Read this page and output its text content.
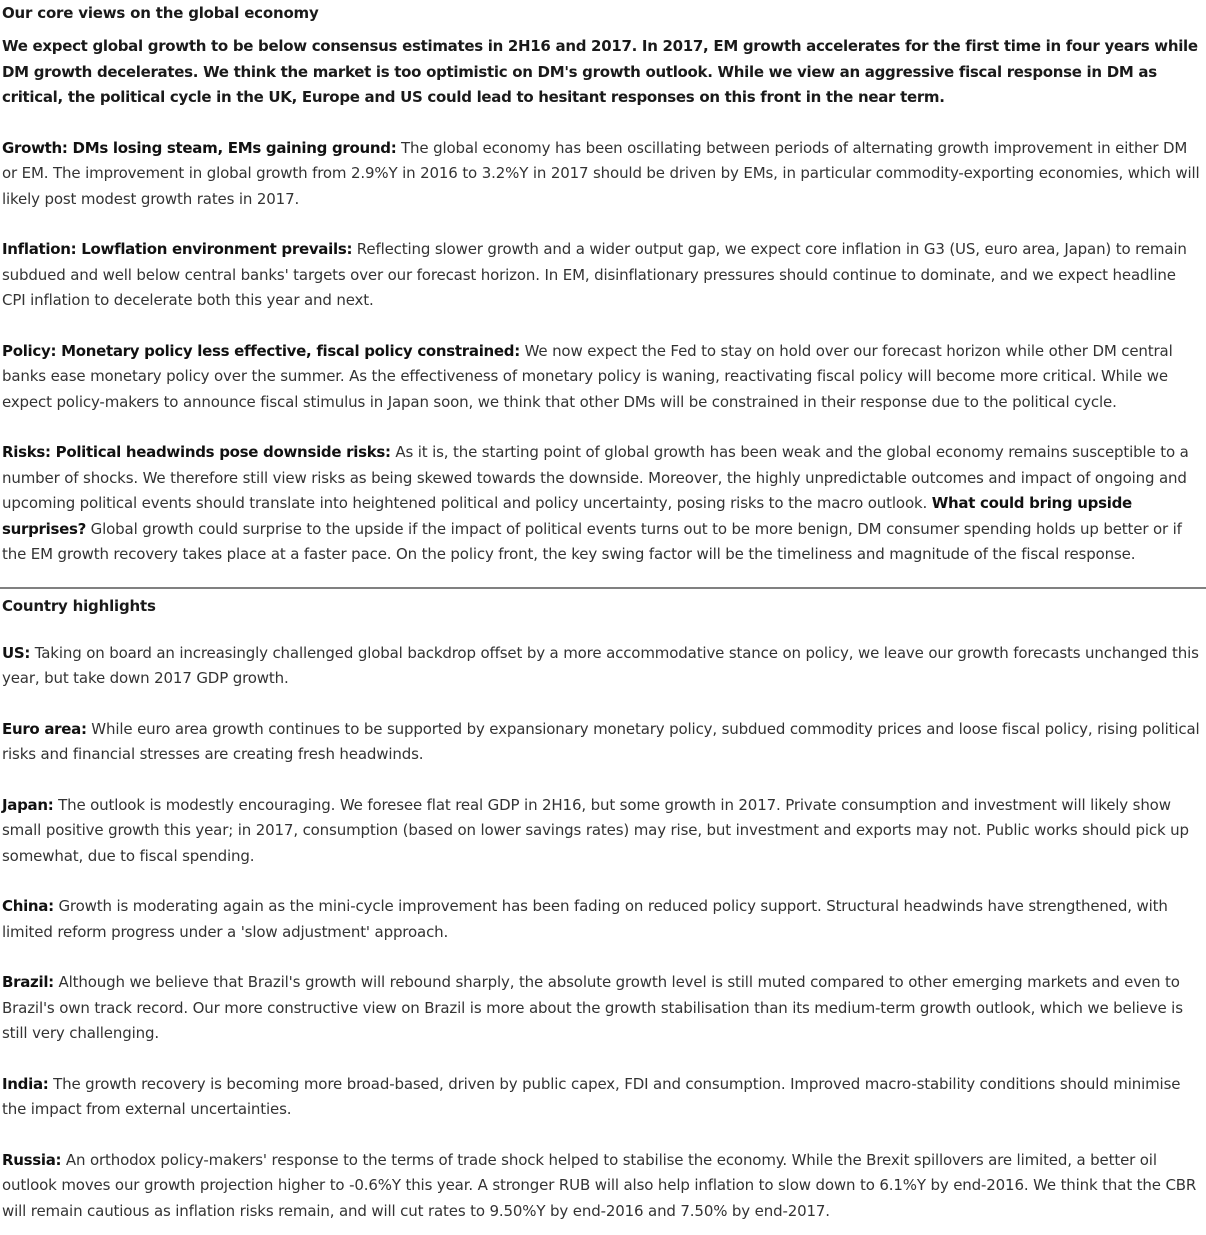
Our core views on the global economy

We expect global growth to be below consensus estimates in 2H16 and 2017. In 2017, EM growth accelerates for the first time in four years while DM growth decelerates. We think the market is too optimistic on DM's growth outlook. While we view an aggressive fiscal response in DM as critical, the political cycle in the UK, Europe and US could lead to hesitant responses on this front in the near term.

Growth: DMs losing steam, EMs gaining ground: The global economy has been oscillating between periods of alternating growth improvement in either DM or EM. The improvement in global growth from 2.9%Y in 2016 to 3.2%Y in 2017 should be driven by EMs, in particular commodity-exporting economies, which will likely post modest growth rates in 2017.

Inflation: Lowflation environment prevails: Reflecting slower growth and a wider output gap, we expect core inflation in G3 (US, euro area, Japan) to remain subdued and well below central banks' targets over our forecast horizon. In EM, disinflationary pressures should continue to dominate, and we expect headline CPI inflation to decelerate both this year and next.

Policy: Monetary policy less effective, fiscal policy constrained: We now expect the Fed to stay on hold over our forecast horizon while other DM central banks ease monetary policy over the summer. As the effectiveness of monetary policy is waning, reactivating fiscal policy will become more critical. While we expect policy-makers to announce fiscal stimulus in Japan soon, we think that other DMs will be constrained in their response due to the political cycle.

Risks: Political headwinds pose downside risks: As it is, the starting point of global growth has been weak and the global economy remains susceptible to a number of shocks. We therefore still view risks as being skewed towards the downside. Moreover, the highly unpredictable outcomes and impact of ongoing and upcoming political events should translate into heightened political and policy uncertainty, posing risks to the macro outlook. What could bring upside surprises? Global growth could surprise to the upside if the impact of political events turns out to be more benign, DM consumer spending holds up better or if the EM growth recovery takes place at a faster pace. On the policy front, the key swing factor will be the timeliness and magnitude of the fiscal response.

Country highlights

US: Taking on board an increasingly challenged global backdrop offset by a more accommodative stance on policy, we leave our growth forecasts unchanged this year, but take down 2017 GDP growth.

Euro area: While euro area growth continues to be supported by expansionary monetary policy, subdued commodity prices and loose fiscal policy, rising political risks and financial stresses are creating fresh headwinds.

Japan: The outlook is modestly encouraging. We foresee flat real GDP in 2H16, but some growth in 2017. Private consumption and investment will likely show small positive growth this year; in 2017, consumption (based on lower savings rates) may rise, but investment and exports may not. Public works should pick up somewhat, due to fiscal spending.

China: Growth is moderating again as the mini-cycle improvement has been fading on reduced policy support. Structural headwinds have strengthened, with limited reform progress under a 'slow adjustment' approach.

Brazil: Although we believe that Brazil's growth will rebound sharply, the absolute growth level is still muted compared to other emerging markets and even to Brazil's own track record. Our more constructive view on Brazil is more about the growth stabilisation than its medium-term growth outlook, which we believe is still very challenging.

India: The growth recovery is becoming more broad-based, driven by public capex, FDI and consumption. Improved macro-stability conditions should minimise the impact from external uncertainties.

Russia: An orthodox policy-makers' response to the terms of trade shock helped to stabilise the economy. While the Brexit spillovers are limited, a better oil outlook moves our growth projection higher to -0.6%Y this year. A stronger RUB will also help inflation to slow down to 6.1%Y by end-2016. We think that the CBR will remain cautious as inflation risks remain, and will cut rates to 9.50%Y by end-2016 and 7.50% by end-2017.
